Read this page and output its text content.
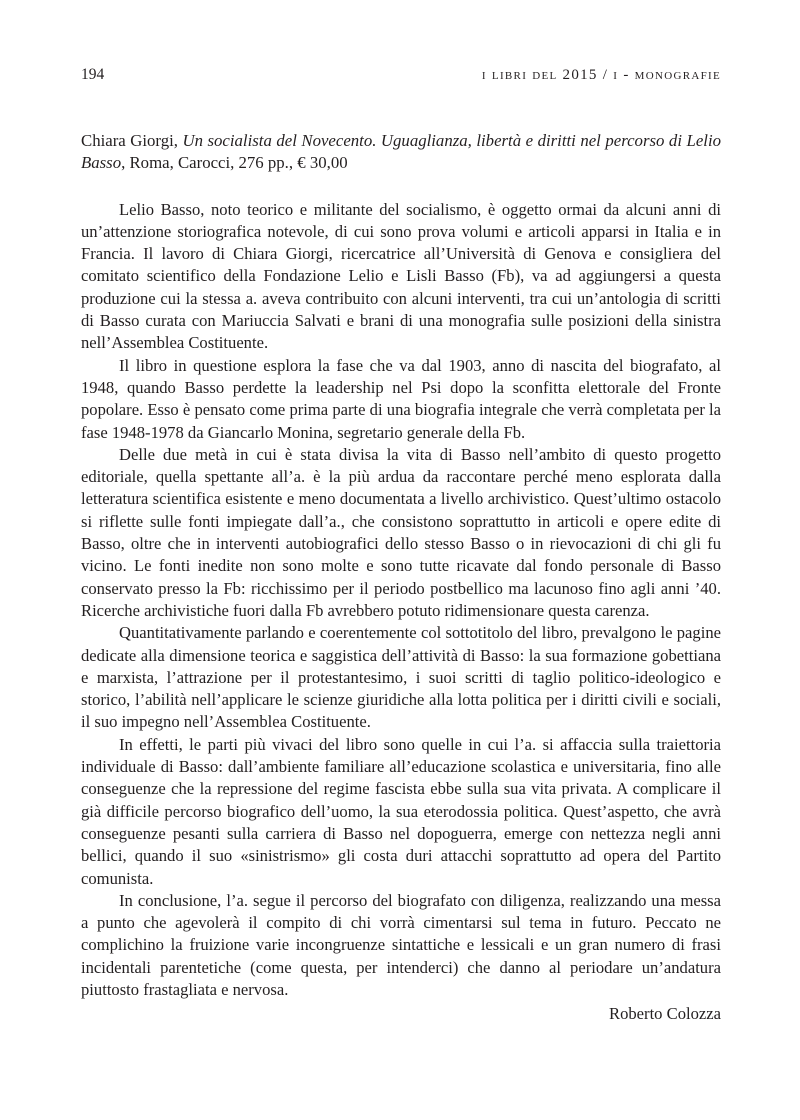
194	i libri del 2015 / i - monografie
Chiara Giorgi, Un socialista del Novecento. Uguaglianza, libertà e diritti nel percorso di Lelio Basso, Roma, Carocci, 276 pp., € 30,00

Lelio Basso, noto teorico e militante del socialismo, è oggetto ormai da alcuni anni di un’attenzione storiografica notevole, di cui sono prova volumi e articoli apparsi in Italia e in Francia. Il lavoro di Chiara Giorgi, ricercatrice all’Università di Genova e consigliera del comitato scientifico della Fondazione Lelio e Lisli Basso (Fb), va ad aggiungersi a questa produzione cui la stessa a. aveva contribuito con alcuni interventi, tra cui un’antologia di scritti di Basso curata con Mariuccia Salvati e brani di una monografia sulle posizioni della sinistra nell’Assemblea Costituente.

Il libro in questione esplora la fase che va dal 1903, anno di nascita del biografato, al 1948, quando Basso perdette la leadership nel Psi dopo la sconfitta elettorale del Fronte popolare. Esso è pensato come prima parte di una biografia integrale che verrà completata per la fase 1948-1978 da Giancarlo Monina, segretario generale della Fb.

Delle due metà in cui è stata divisa la vita di Basso nell’ambito di questo progetto editoriale, quella spettante all’a. è la più ardua da raccontare perché meno esplorata dalla letteratura scientifica esistente e meno documentata a livello archivistico. Quest’ultimo ostacolo si riflette sulle fonti impiegate dall’a., che consistono soprattutto in articoli e opere edite di Basso, oltre che in interventi autobiografici dello stesso Basso o in rievocazioni di chi gli fu vicino. Le fonti inedite non sono molte e sono tutte ricavate dal fondo personale di Basso conservato presso la Fb: ricchissimo per il periodo postbellico ma lacunoso fino agli anni ’40. Ricerche archivistiche fuori dalla Fb avrebbero potuto ridimensionare questa carenza.

Quantitativamente parlando e coerentemente col sottotitolo del libro, prevalgono le pagine dedicate alla dimensione teorica e saggistica dell’attività di Basso: la sua formazione gobettiana e marxista, l’attrazione per il protestantesimo, i suoi scritti di taglio politico-ideologico e storico, l’abilità nell’applicare le scienze giuridiche alla lotta politica per i diritti civili e sociali, il suo impegno nell’Assemblea Costituente.

In effetti, le parti più vivaci del libro sono quelle in cui l’a. si affaccia sulla traiettoria individuale di Basso: dall’ambiente familiare all’educazione scolastica e universitaria, fino alle conseguenze che la repressione del regime fascista ebbe sulla sua vita privata. A complicare il già difficile percorso biografico dell’uomo, la sua eterodossia politica. Quest’aspetto, che avrà conseguenze pesanti sulla carriera di Basso nel dopoguerra, emerge con nettezza negli anni bellici, quando il suo «sinistrismo» gli costa duri attacchi soprattutto ad opera del Partito comunista.

In conclusione, l’a. segue il percorso del biografato con diligenza, realizzando una messa a punto che agevolerà il compito di chi vorrà cimentarsi sul tema in futuro. Peccato ne complichino la fruizione varie incongruenze sintattiche e lessicali e un gran numero di frasi incidentali parentetiche (come questa, per intenderci) che danno al periodare un’andatura piuttosto frastagliata e nervosa.

Roberto Colozza
